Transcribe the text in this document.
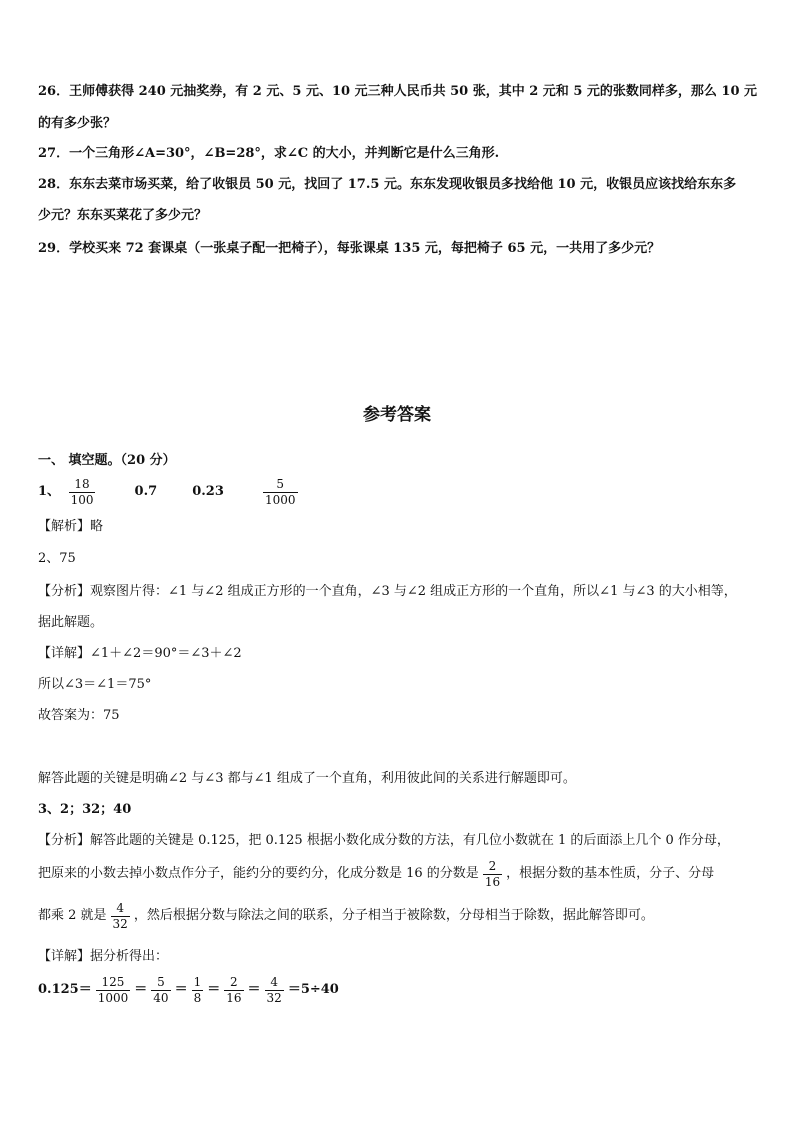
26．王师傅获得 240 元抽奖券，有 2 元、5 元、10 元三种人民币共 50 张，其中 2 元和 5 元的张数同样多，那么 10 元
的有多少张？
27．一个三角形∠A=30°，∠B=28°，求∠C 的大小，并判断它是什么三角形.
28．东东去菜市场买菜，给了收银员 50 元，找回了 17.5 元。东东发现收银员多找给他 10 元，收银员应该找给东东多
少元？东东买菜花了多少元？
29．学校买来 72 套课桌（一张桌子配一把椅子），每张课桌 135 元，每把椅子 65 元，一共用了多少元？
参考答案
一、 填空题。（20 分）
1、 $\frac{18}{100}$	0.7	0.23	$\frac{5}{1000}$
【解析】略
2、75
【分析】观察图片得：∠1 与∠2 组成正方形的一个直角，∠3 与∠2 组成正方形的一个直角，所以∠1 与∠3 的大小相等，
据此解题。
【详解】∠1＋∠2＝90°＝∠3＋∠2
所以∠3＝∠1＝75°
故答案为：75
解答此题的关键是明确∠2 与∠3 都与∠1 组成了一个直角，利用彼此间的关系进行解题即可。
3、2；32；40
【分析】解答此题的关键是 0.125，把 0.125 根据小数化成分数的方法，有几位小数就在 1 的后面添上几个 0 作分母，
把原来的小数去掉小数点作分子，能约分的要约分，化成分数是 16 的分数是 $\frac{2}{16}$ ，根据分数的基本性质，分子、分母
都乘 2 就是 $\frac{4}{32}$ ，然后根据分数与除法之间的联系，分子相当于被除数，分母相当于除数，据此解答即可。
【详解】据分析得出：
$0.125= \frac{125}{1000} = \frac{5}{40} = \frac{1}{8} = \frac{2}{16} = \frac{4}{32} =5\div 40$
